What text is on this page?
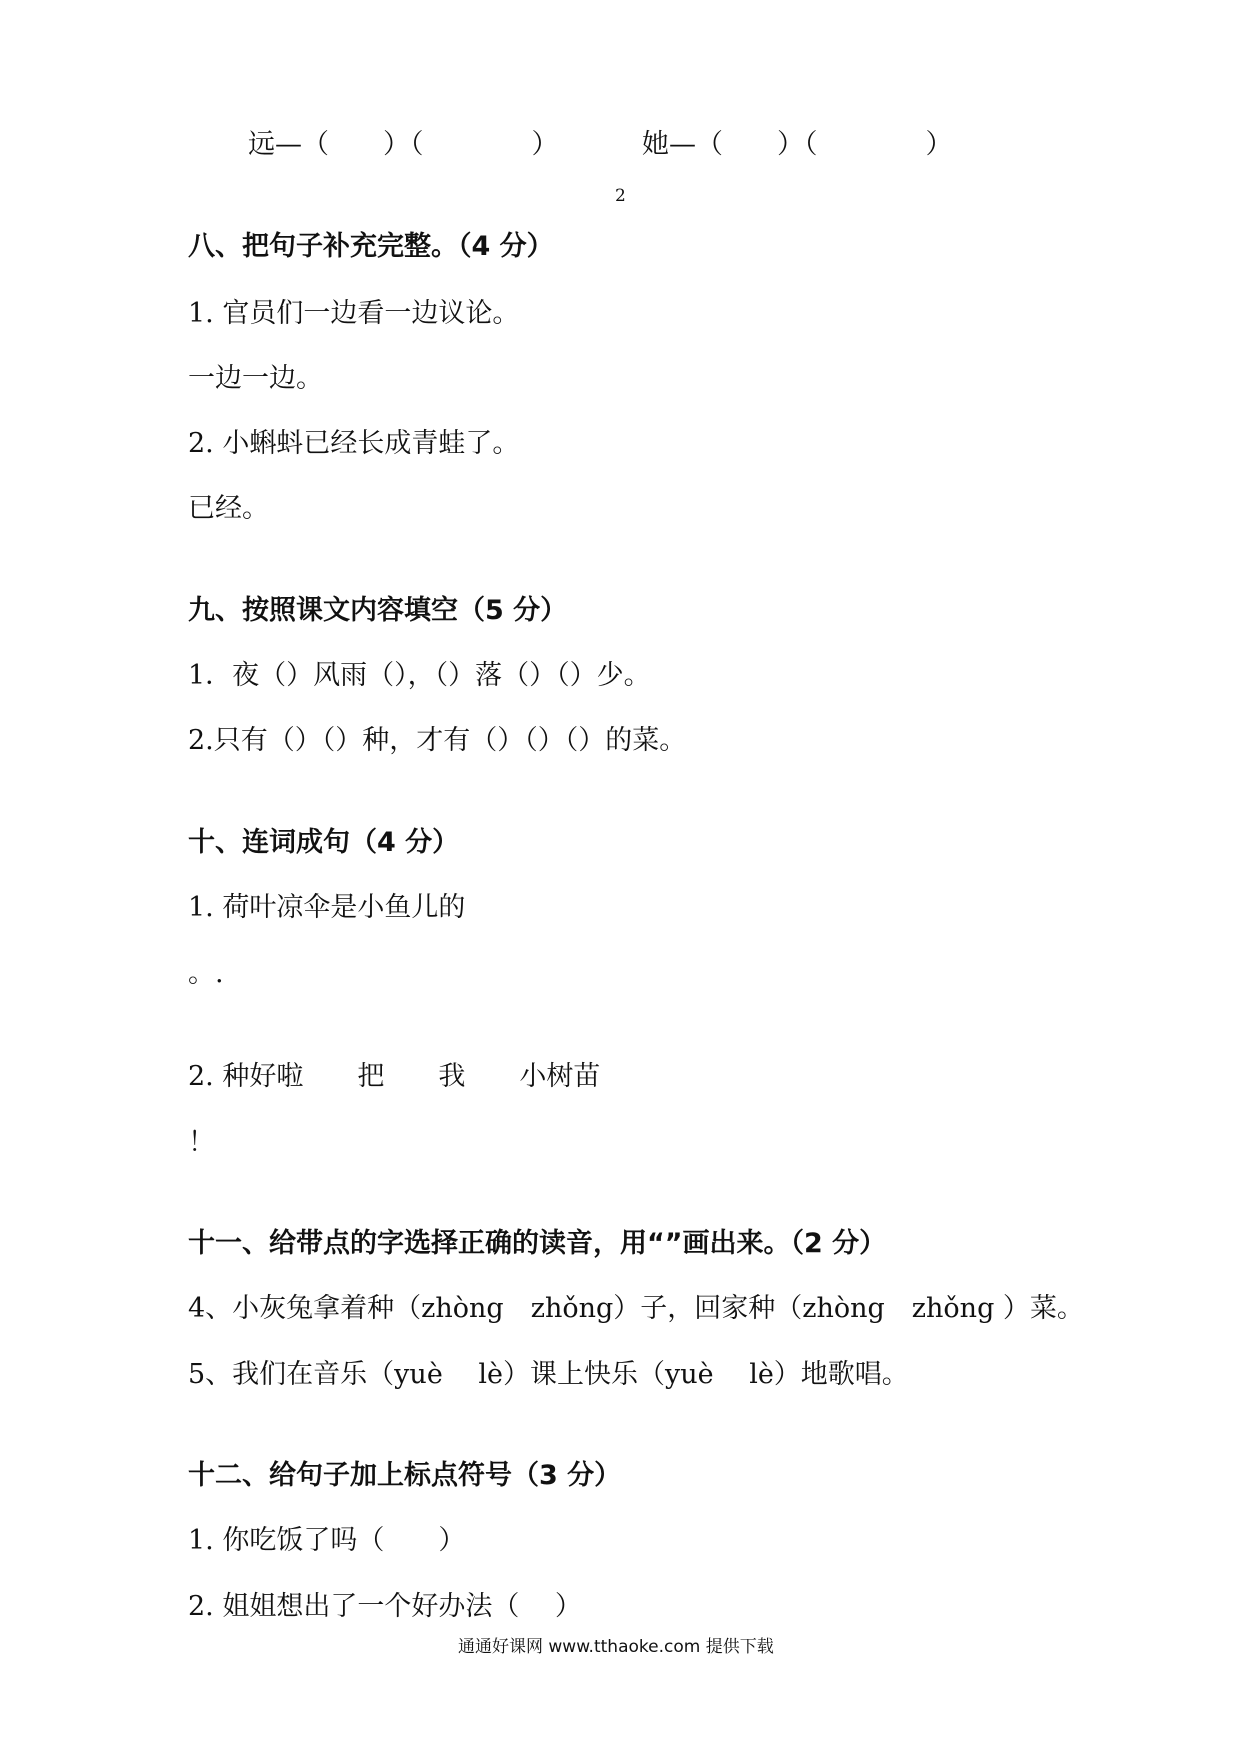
远—（　　）（　　　　）	她—（　　）（　　　　）
2
八、把句子补充完整。（4 分）
1. 官员们一边看一边议论。
一边一边。
2. 小蝌蚪已经长成青蛙了。
已经。
九、按照课文内容填空（5 分）
1．夜（）风雨（），（）落（）（）少。
2.只有（）（）种，才有（）（）（）的菜。
十、连词成句（4 分）
1. 荷叶凉伞是小鱼儿的
。.
2. 种好啦　　把　　我　　小树苗
！
十一、给带点的字选择正确的读音，用“”画出来。（2 分）
4、小灰兔拿着种（zhòng　zhǒng）子，回家种（zhòng　zhǒng ）菜。
5、我们在音乐（yuè　 lè）课上快乐（yuè　 lè）地歌唱。
十二、给句子加上标点符号（3 分）
1. 你吃饭了吗（　　）
2. 姐姐想出了一个好办法（　 ）
通通好课网 www.tthaoke.com 提供下载
